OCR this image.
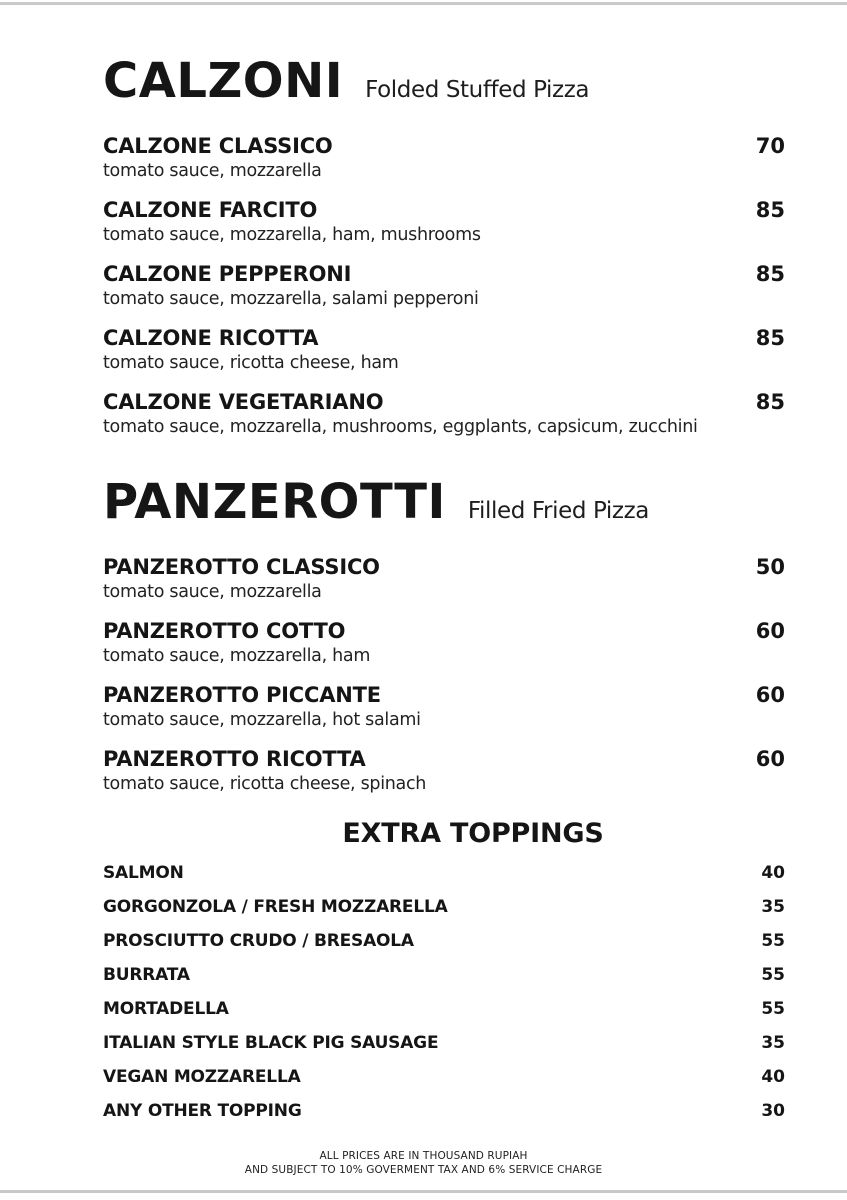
CALZONI Folded Stuffed Pizza
CALZONE CLASSICO	70
tomato sauce, mozzarella
CALZONE FARCITO	85
tomato sauce, mozzarella, ham, mushrooms
CALZONE PEPPERONI	85
tomato sauce, mozzarella, salami pepperoni
CALZONE RICOTTA	85
tomato sauce, ricotta cheese, ham
CALZONE VEGETARIANO	85
tomato sauce, mozzarella, mushrooms, eggplants, capsicum, zucchini
PANZEROTTI Filled Fried Pizza
PANZEROTTO CLASSICO	50
tomato sauce, mozzarella
PANZEROTTO COTTO	60
tomato sauce, mozzarella, ham
PANZEROTTO PICCANTE	60
tomato sauce, mozzarella, hot salami
PANZEROTTO RICOTTA	60
tomato sauce, ricotta cheese, spinach
EXTRA TOPPINGS
SALMON	40
GORGONZOLA / FRESH MOZZARELLA	35
PROSCIUTTO CRUDO / BRESAOLA	55
BURRATA	55
MORTADELLA	55
ITALIAN STYLE BLACK PIG SAUSAGE	35
VEGAN MOZZARELLA	40
ANY OTHER TOPPING	30
ALL PRICES ARE IN THOUSAND RUPIAH
AND SUBJECT TO 10% GOVERMENT TAX AND 6% SERVICE CHARGE
